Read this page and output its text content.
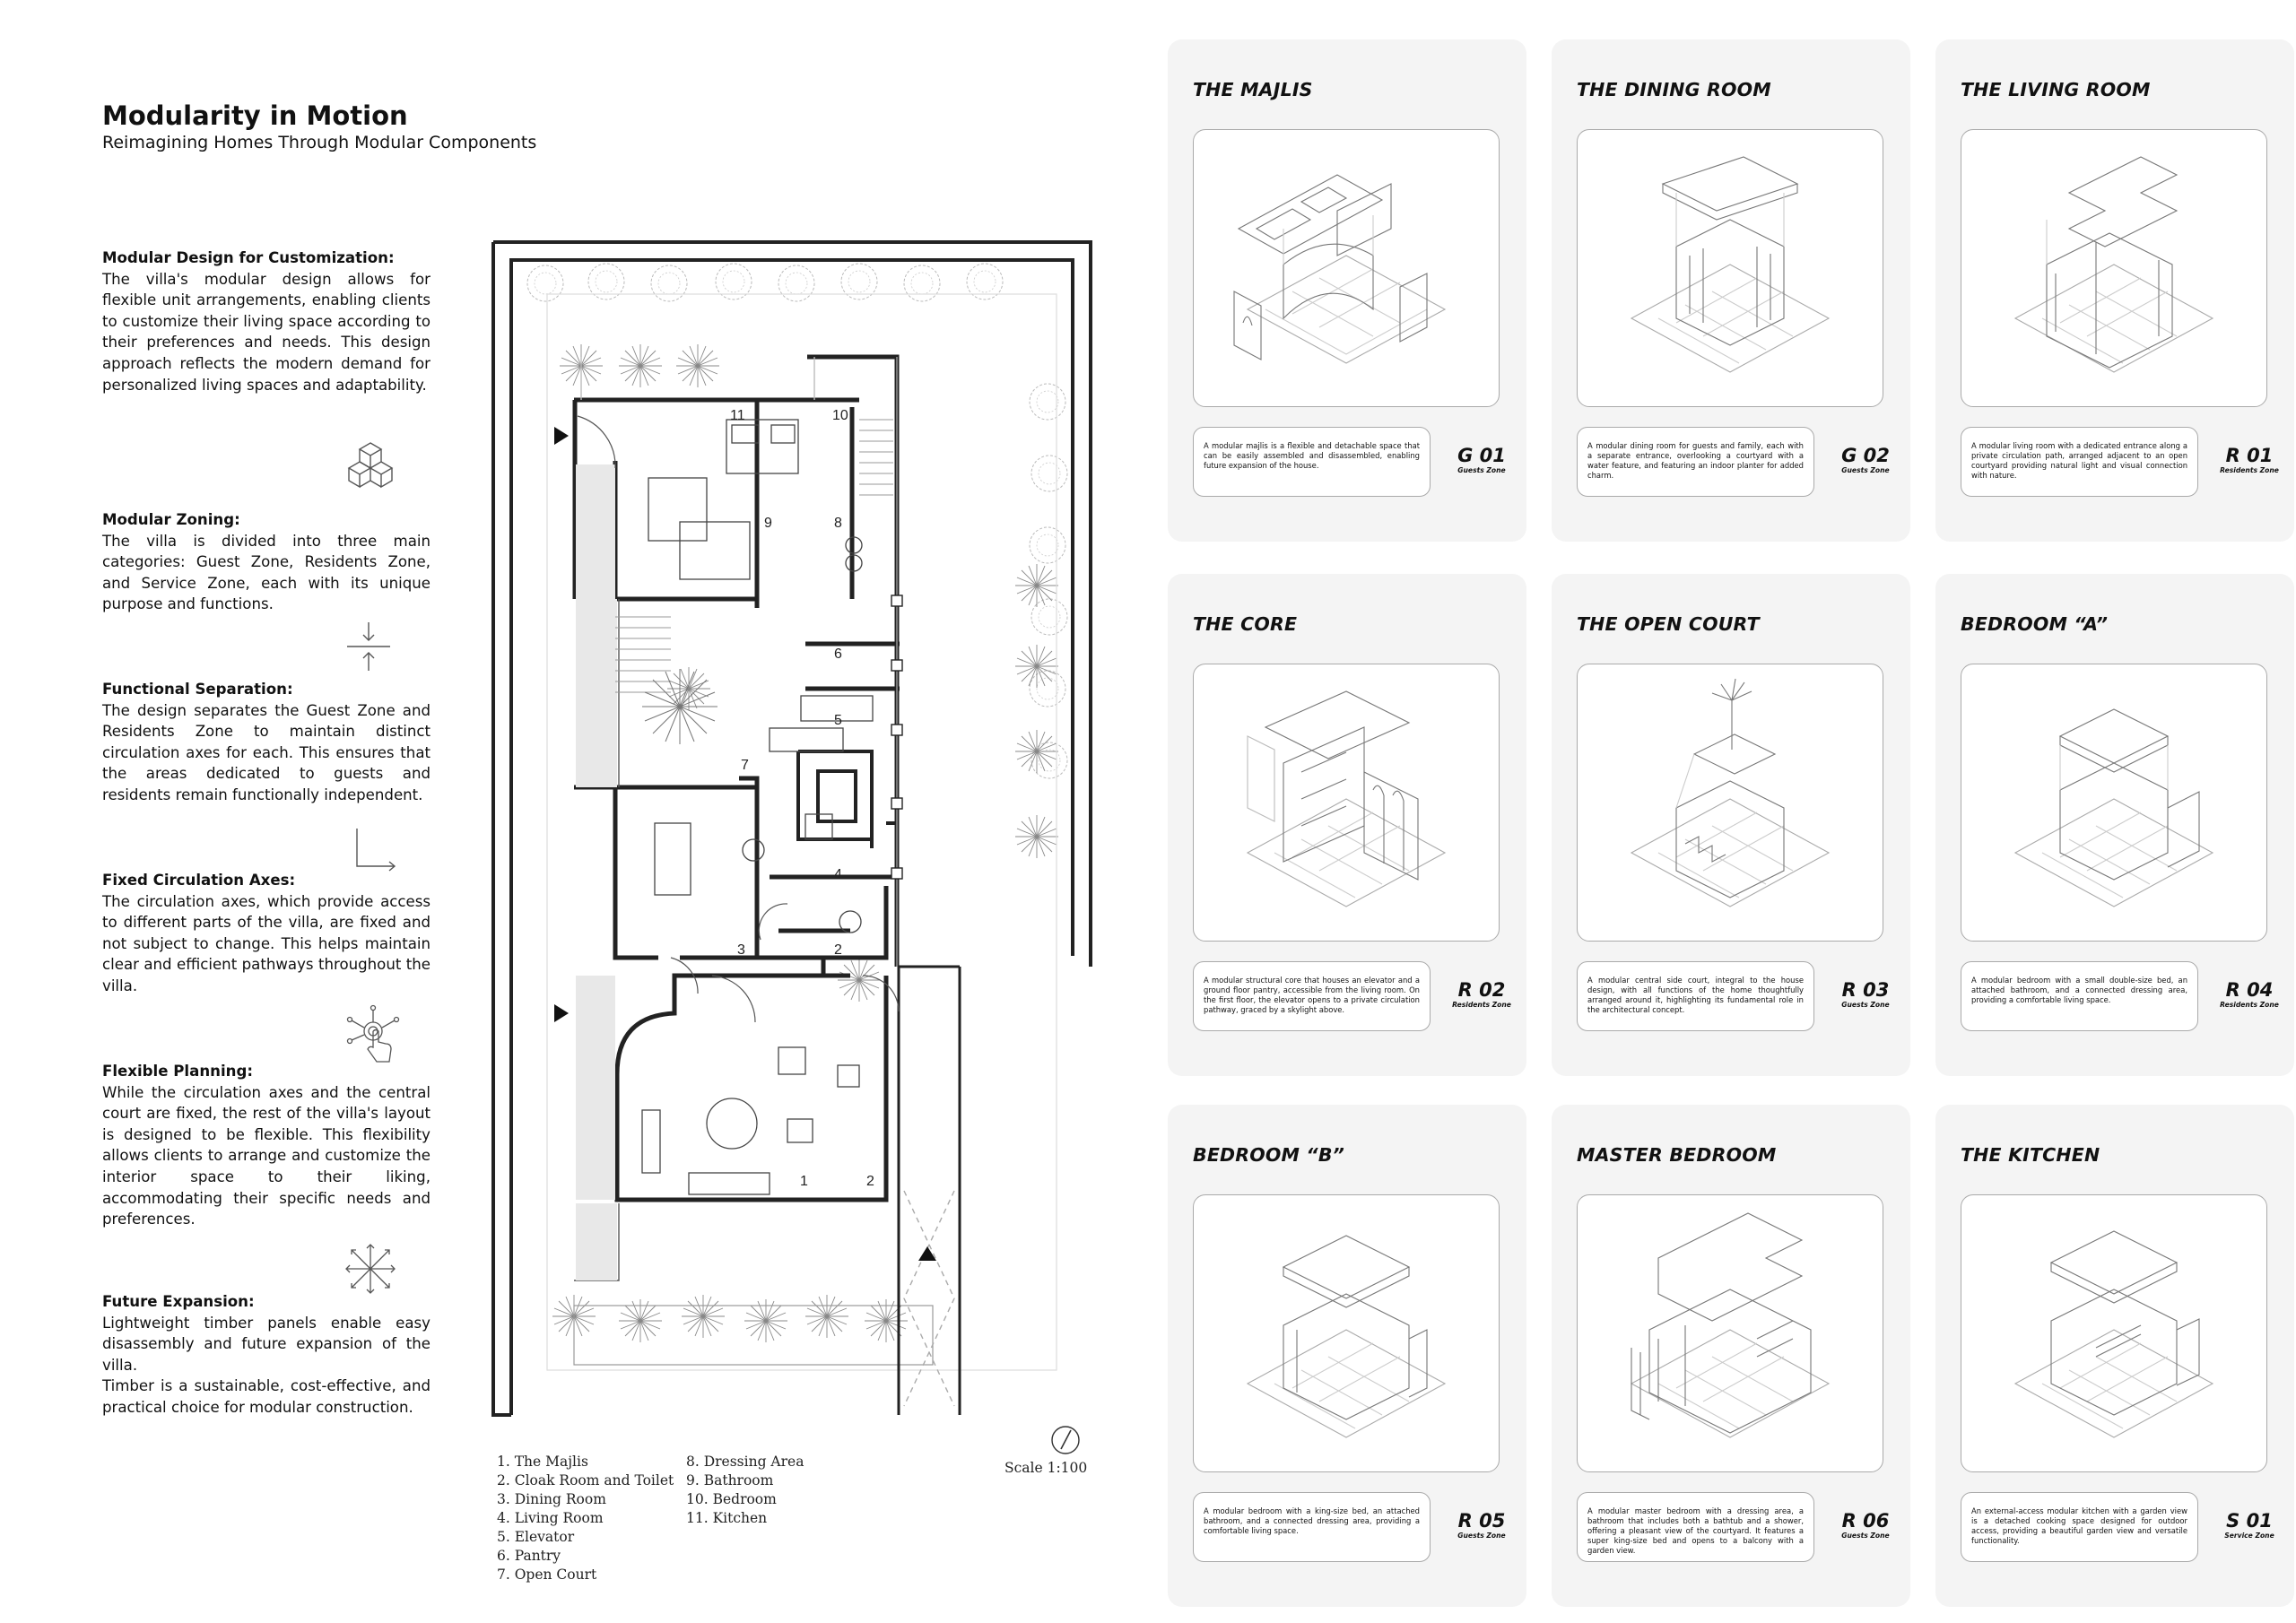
Modularity in Motion
Reimagining Homes Through Modular Components
Modular Design for Customization:

The villa's modular design allows for flexible unit arrangements, enabling clients to customize their living space according to their preferences and needs. This design approach reflects the modern demand for personalized living spaces and adaptability.

Modular Zoning:

The villa is divided into three main categories: Guest Zone, Residents Zone, and Service Zone, each with its unique purpose and functions.

Functional Separation:

The design separates the Guest Zone and Residents Zone to maintain distinct circulation axes for each. This ensures that the areas dedicated to guests and residents remain functionally independent.

Fixed Circulation Axes:

The circulation axes, which provide access to different parts of the villa, are fixed and not subject to change. This helps maintain clear and efficient pathways throughout the villa.

Flexible Planning:

While the circulation axes and the central court are fixed, the rest of the villa's layout is designed to be flexible. This flexibility allows clients to arrange and customize the interior space to their liking, accommodating their specific needs and preferences.

Future Expansion:

Lightweight timber panels enable easy disassembly and future expansion of the villa.

Timber is a sustainable, cost-effective, and practical choice for modular construction.

11	10
9	8
6
5
7
4
3	2
1	2
1. The Majlis
2. Cloak Room and Toilet
3. Dining Room
4. Living Room
5. Elevator
6. Pantry
7. Open Court
8. Dressing Area
9. Bathroom
10. Bedroom
11. Kitchen
Scale 1:100
THE MAJLIS
A modular majlis is a flexible and detachable space that can be easily assembled and disassembled, enabling future expansion of the house.	G 01
Guests Zone
THE DINING ROOM
A modular dining room for guests and family, each with a separate entrance, overlooking a courtyard with a water feature, and featuring an indoor planter for added charm.
G 02
Guests Zone
THE LIVING ROOM
A modular living room with a dedicated entrance along a private circulation path, arranged adjacent to an open courtyard providing natural light and visual connection with nature.
R 01
Residents Zone
THE CORE
A modular structural core that houses an elevator and a ground floor pantry, accessible from the living room. On the first floor, the elevator opens to a private circulation pathway, graced by a skylight above.
R 02
Residents Zone
THE OPEN COURT
A modular central side court, integral to the house design, with all functions of the home thoughtfully arranged around it, highlighting its fundamental role in the architectural concept.
R 03
Guests Zone
BEDROOM “A”
A modular bedroom with a small double-size bed, an attached bathroom, and a connected dressing area, providing a comfortable living space.	R 04
Residents Zone
BEDROOM “B”
A modular bedroom with a king-size bed, an attached bathroom, and a connected dressing area, providing a comfortable living space.	R 05
Guests Zone
MASTER BEDROOM
A modular master bedroom with a dressing area, a bathroom that includes both a bathtub and a shower, offering a pleasant view of the courtyard. It features a super king-size bed and opens to a balcony with a garden view.
R 06
Guests Zone
THE KITCHEN
An external-access modular kitchen with a garden view is a detached cooking space designed for outdoor access, providing a beautiful garden view and versatile functionality.
S 01
Service Zone
